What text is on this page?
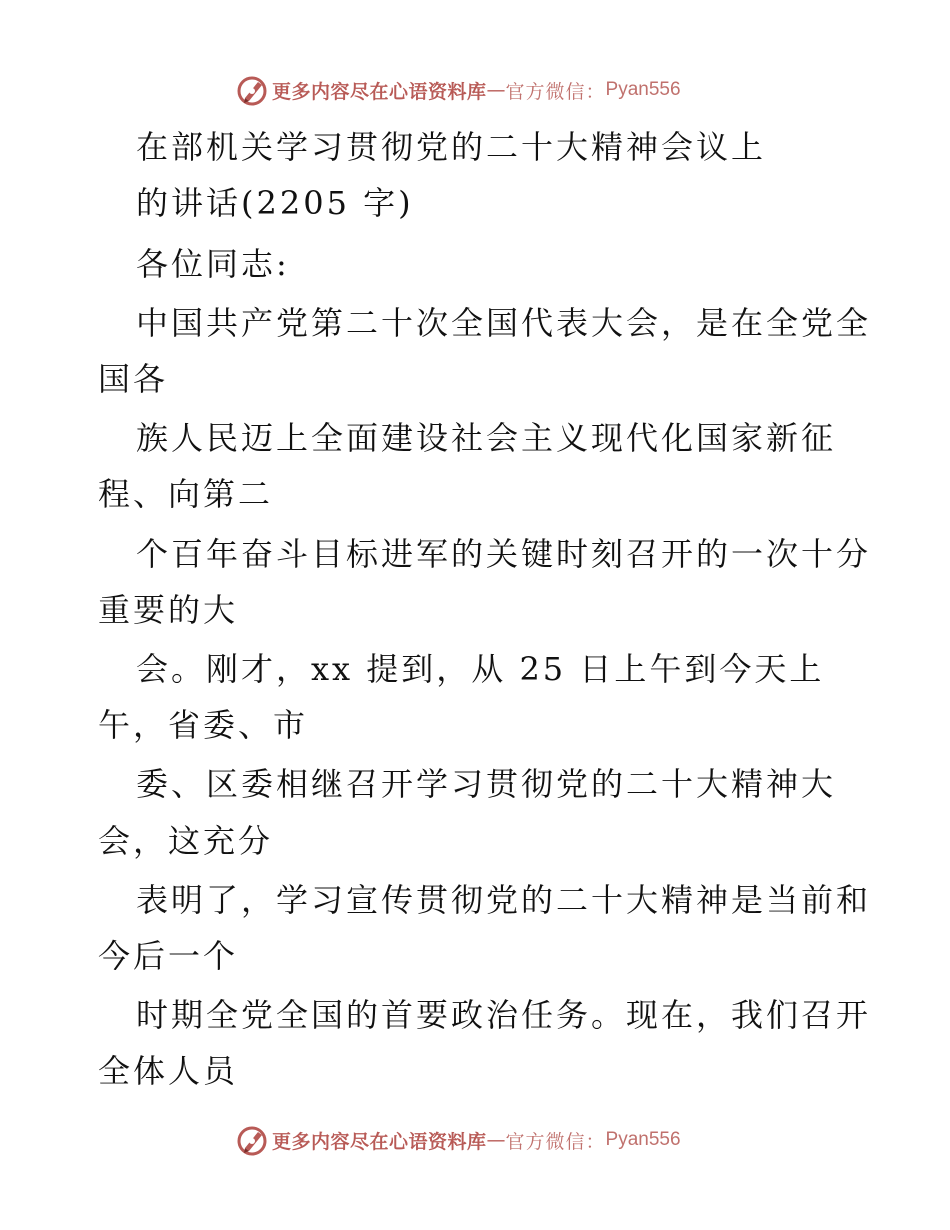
更多内容尽在心语资料库 — 官方微信： Pyan556
在部机关学习贯彻党的二十大精神会议上
的讲话(2205 字)
各位同志:
中国共产党第二十次全国代表大会，是在全党全
国各
族人民迈上全面建设社会主义现代化国家新征
程、向第二
个百年奋斗目标进军的关键时刻召开的一次十分
重要的大
会。刚才，xx 提到，从 25 日上午到今天上
午，省委、市
委、区委相继召开学习贯彻党的二十大精神大
会，这充分
表明了，学习宣传贯彻党的二十大精神是当前和
今后一个
时期全党全国的首要政治任务。现在，我们召开
全体人员
更多内容尽在心语资料库 — 官方微信： Pyan556
